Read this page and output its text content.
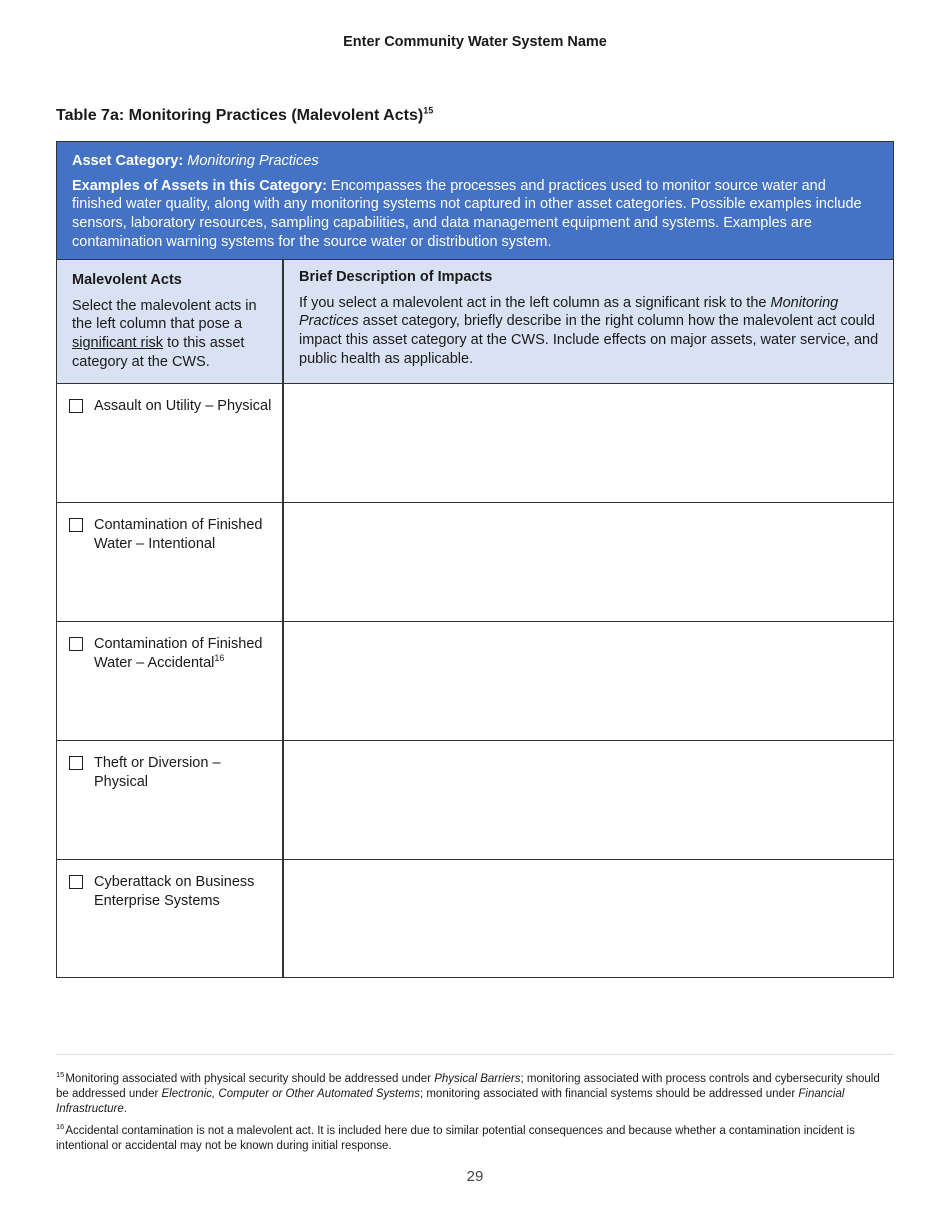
Enter Community Water System Name
Table 7a: Monitoring Practices (Malevolent Acts)$^{15}$
Asset Category: Monitoring Practices
Examples of Assets in this Category: Encompasses the processes and practices used to monitor source water and finished water quality, along with any monitoring systems not captured in other asset categories. Possible examples include sensors, laboratory resources, sampling capabilities, and data management equipment and systems. Examples are contamination warning systems for the source water or distribution system.
Malevolent Acts
Select the malevolent acts in the left column that pose a significant risk to this asset category at the CWS.
Brief Description of Impacts
If you select a malevolent act in the left column as a significant risk to the Monitoring Practices asset category, briefly describe in the right column how the malevolent act could impact this asset category at the CWS. Include effects on major assets, water service, and public health as applicable.
Assault on Utility – Physical
Contamination of Finished Water – Intentional
Contamination of Finished Water – Accidental$^{16}$
Theft or Diversion – Physical
Cyberattack on Business Enterprise Systems
$^{15}$Monitoring associated with physical security should be addressed under Physical Barriers; monitoring associated with process controls and cybersecurity should be addressed under Electronic, Computer or Other Automated Systems; monitoring associated with financial systems should be addressed under Financial Infrastructure.
$^{16}$Accidental contamination is not a malevolent act. It is included here due to similar potential consequences and because whether a contamination incident is intentional or accidental may not be known during initial response.
29
